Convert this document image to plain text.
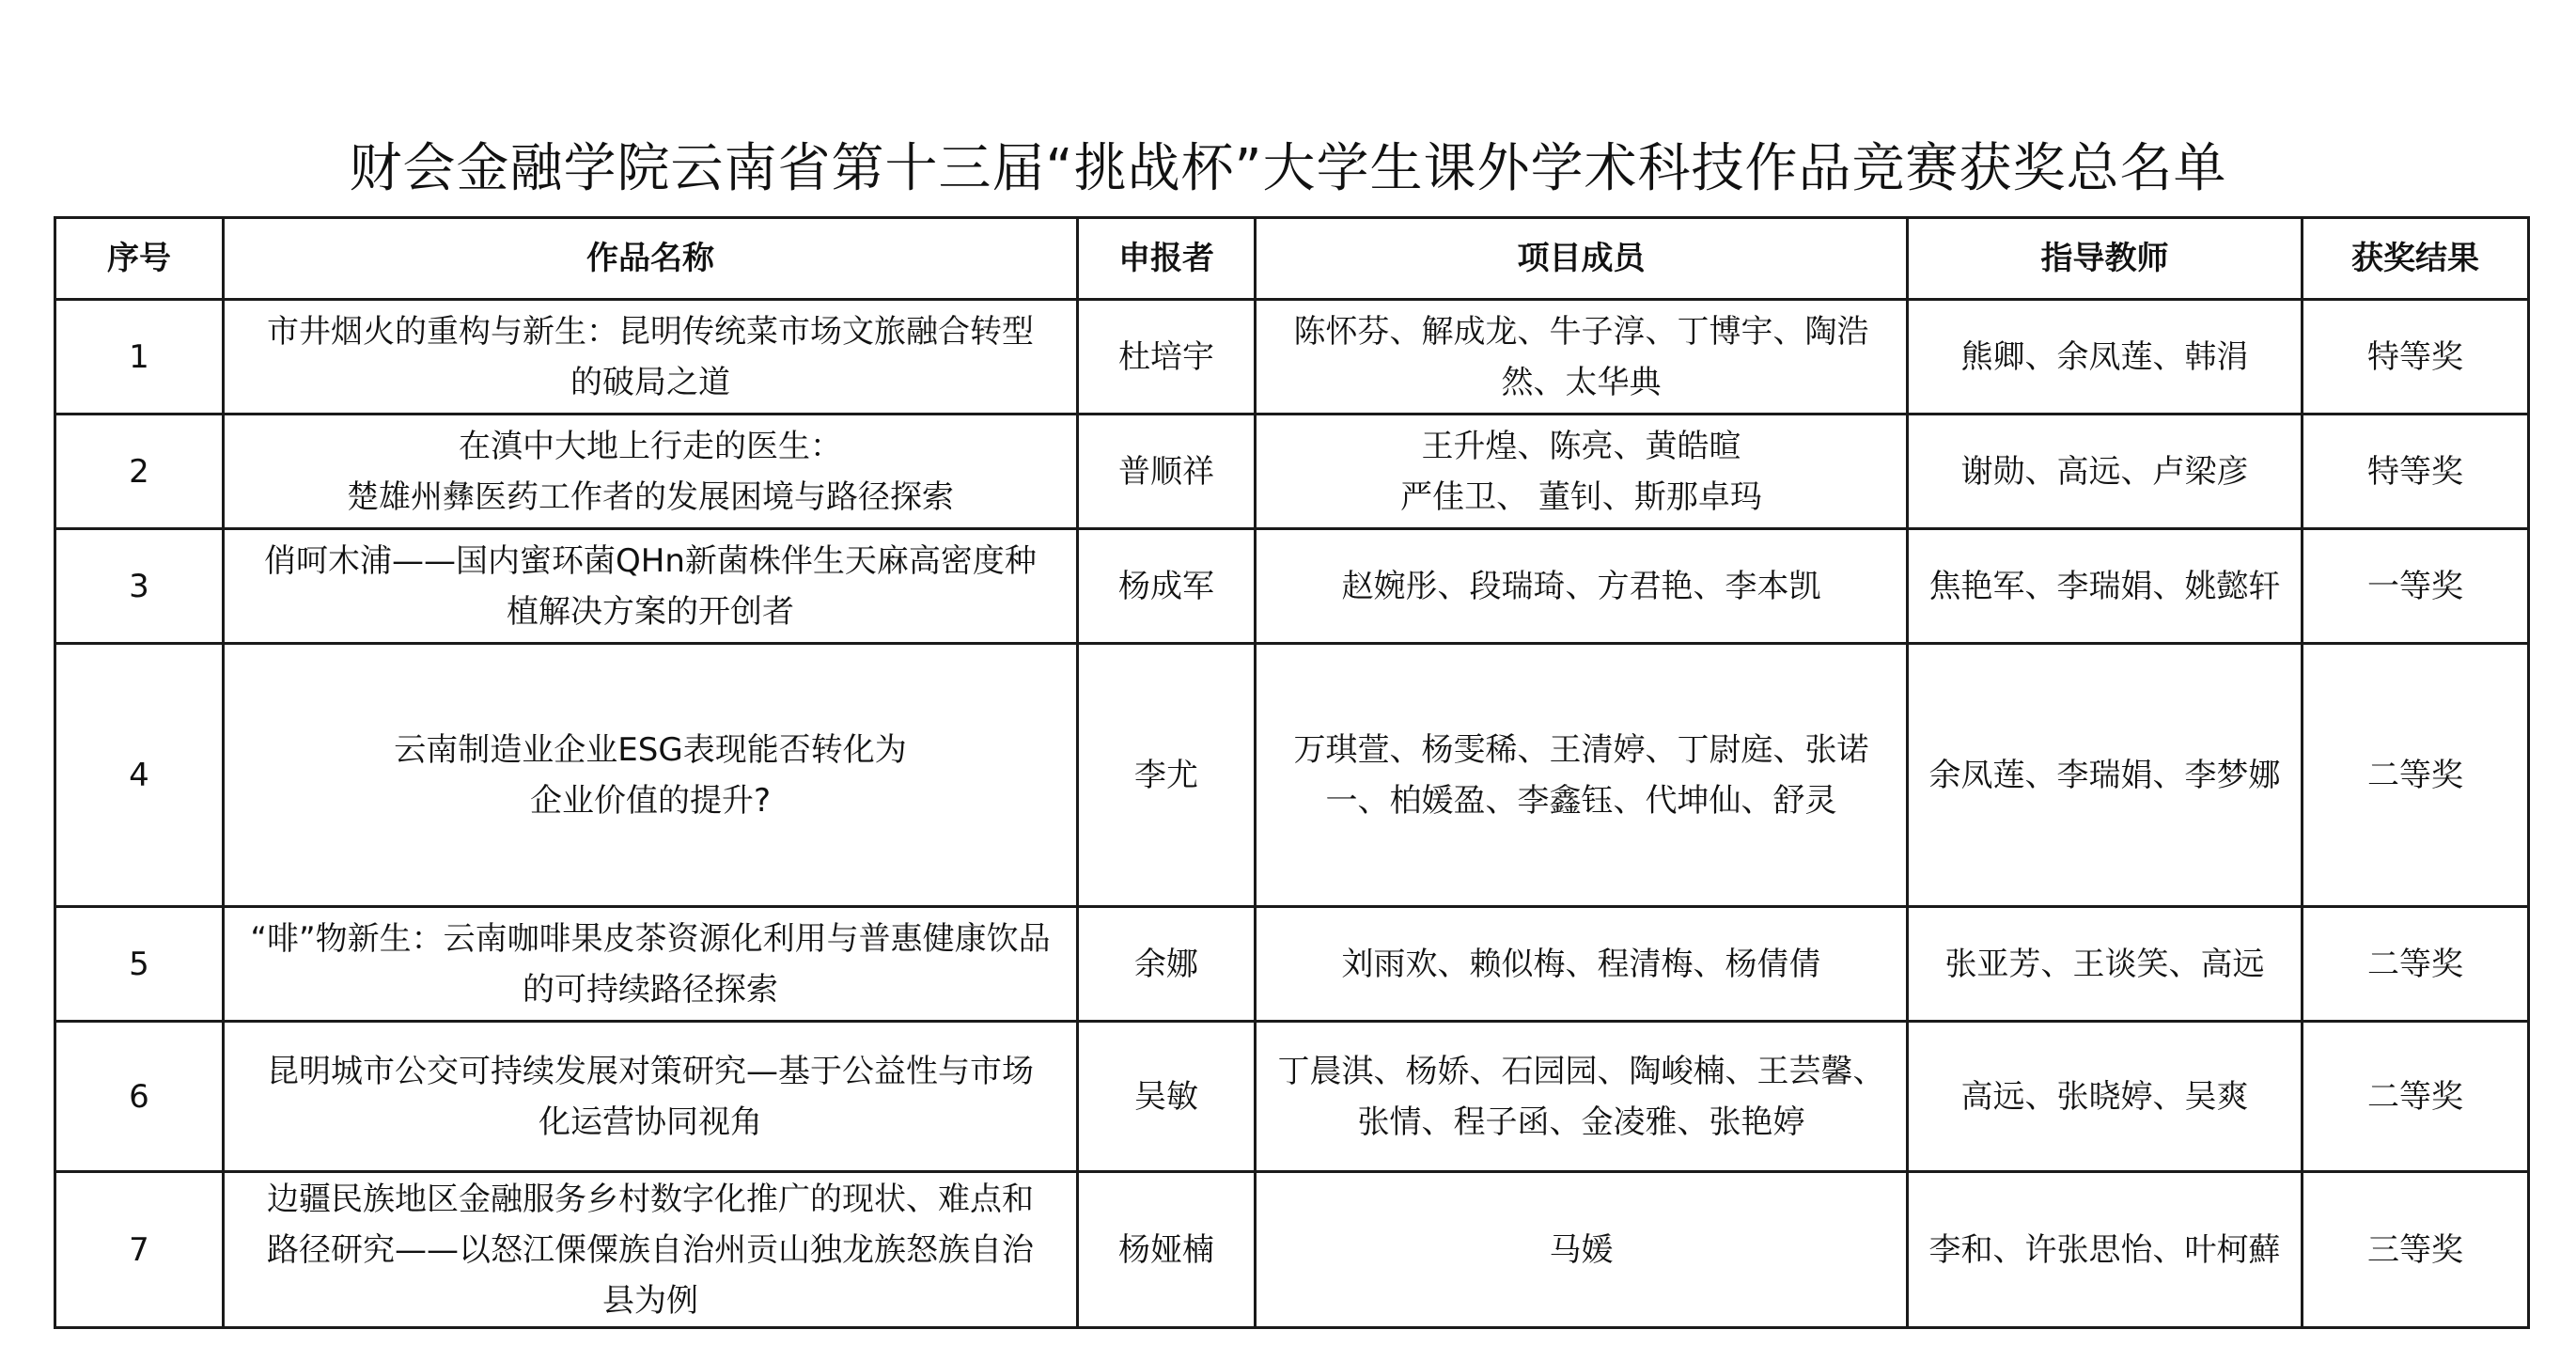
财会金融学院云南省第十三届“挑战杯”大学生课外学术科技作品竞赛获奖总名单
序号	作品名称	申报者	项目成员	指导教师	获奖结果
1	市井烟火的重构与新生：昆明传统菜市场文旅融合转型
的破局之道	杜培宇	陈怀芬、解成龙、牛子淳、丁博宇、陶浩
然、太华典	熊卿、余凤莲、韩涓	特等奖
2	在滇中大地上行走的医生：
楚雄州彝医药工作者的发展困境与路径探索	普顺祥	王升煌、陈亮、黄皓暄
严佳卫、 董钊、斯那卓玛	谢勋、高远、卢梁彦	特等奖
3	俏呵木浦——国内蜜环菌QHn新菌株伴生天麻高密度种
植解决方案的开创者	杨成军	赵婉彤、段瑞琦、方君艳、李本凯	焦艳军、李瑞娟、姚懿轩	一等奖
4	云南制造业企业ESG表现能否转化为
企业价值的提升?	李尤	万琪萱、杨雯稀、王清婷、丁尉庭、张诺
一、柏媛盈、李鑫钰、代坤仙、舒灵	余凤莲、李瑞娟、李梦娜	二等奖
5	“啡”物新生：云南咖啡果皮茶资源化利用与普惠健康饮品
的可持续路径探索	余娜	刘雨欢、赖似梅、程清梅、杨倩倩	张亚芳、王谈笑、高远	二等奖
6	昆明城市公交可持续发展对策研究—基于公益性与市场
化运营协同视角	吴敏	丁晨淇、杨娇、石园园、陶峻楠、王芸馨、
张情、程子函、金凌雅、张艳婷	高远、张晓婷、吴爽	二等奖
7	边疆民族地区金融服务乡村数字化推广的现状、难点和
路径研究——以怒江傈僳族自治州贡山独龙族怒族自治
县为例	杨娅楠	马媛	李和、许张思怡、叶柯蘚	三等奖
